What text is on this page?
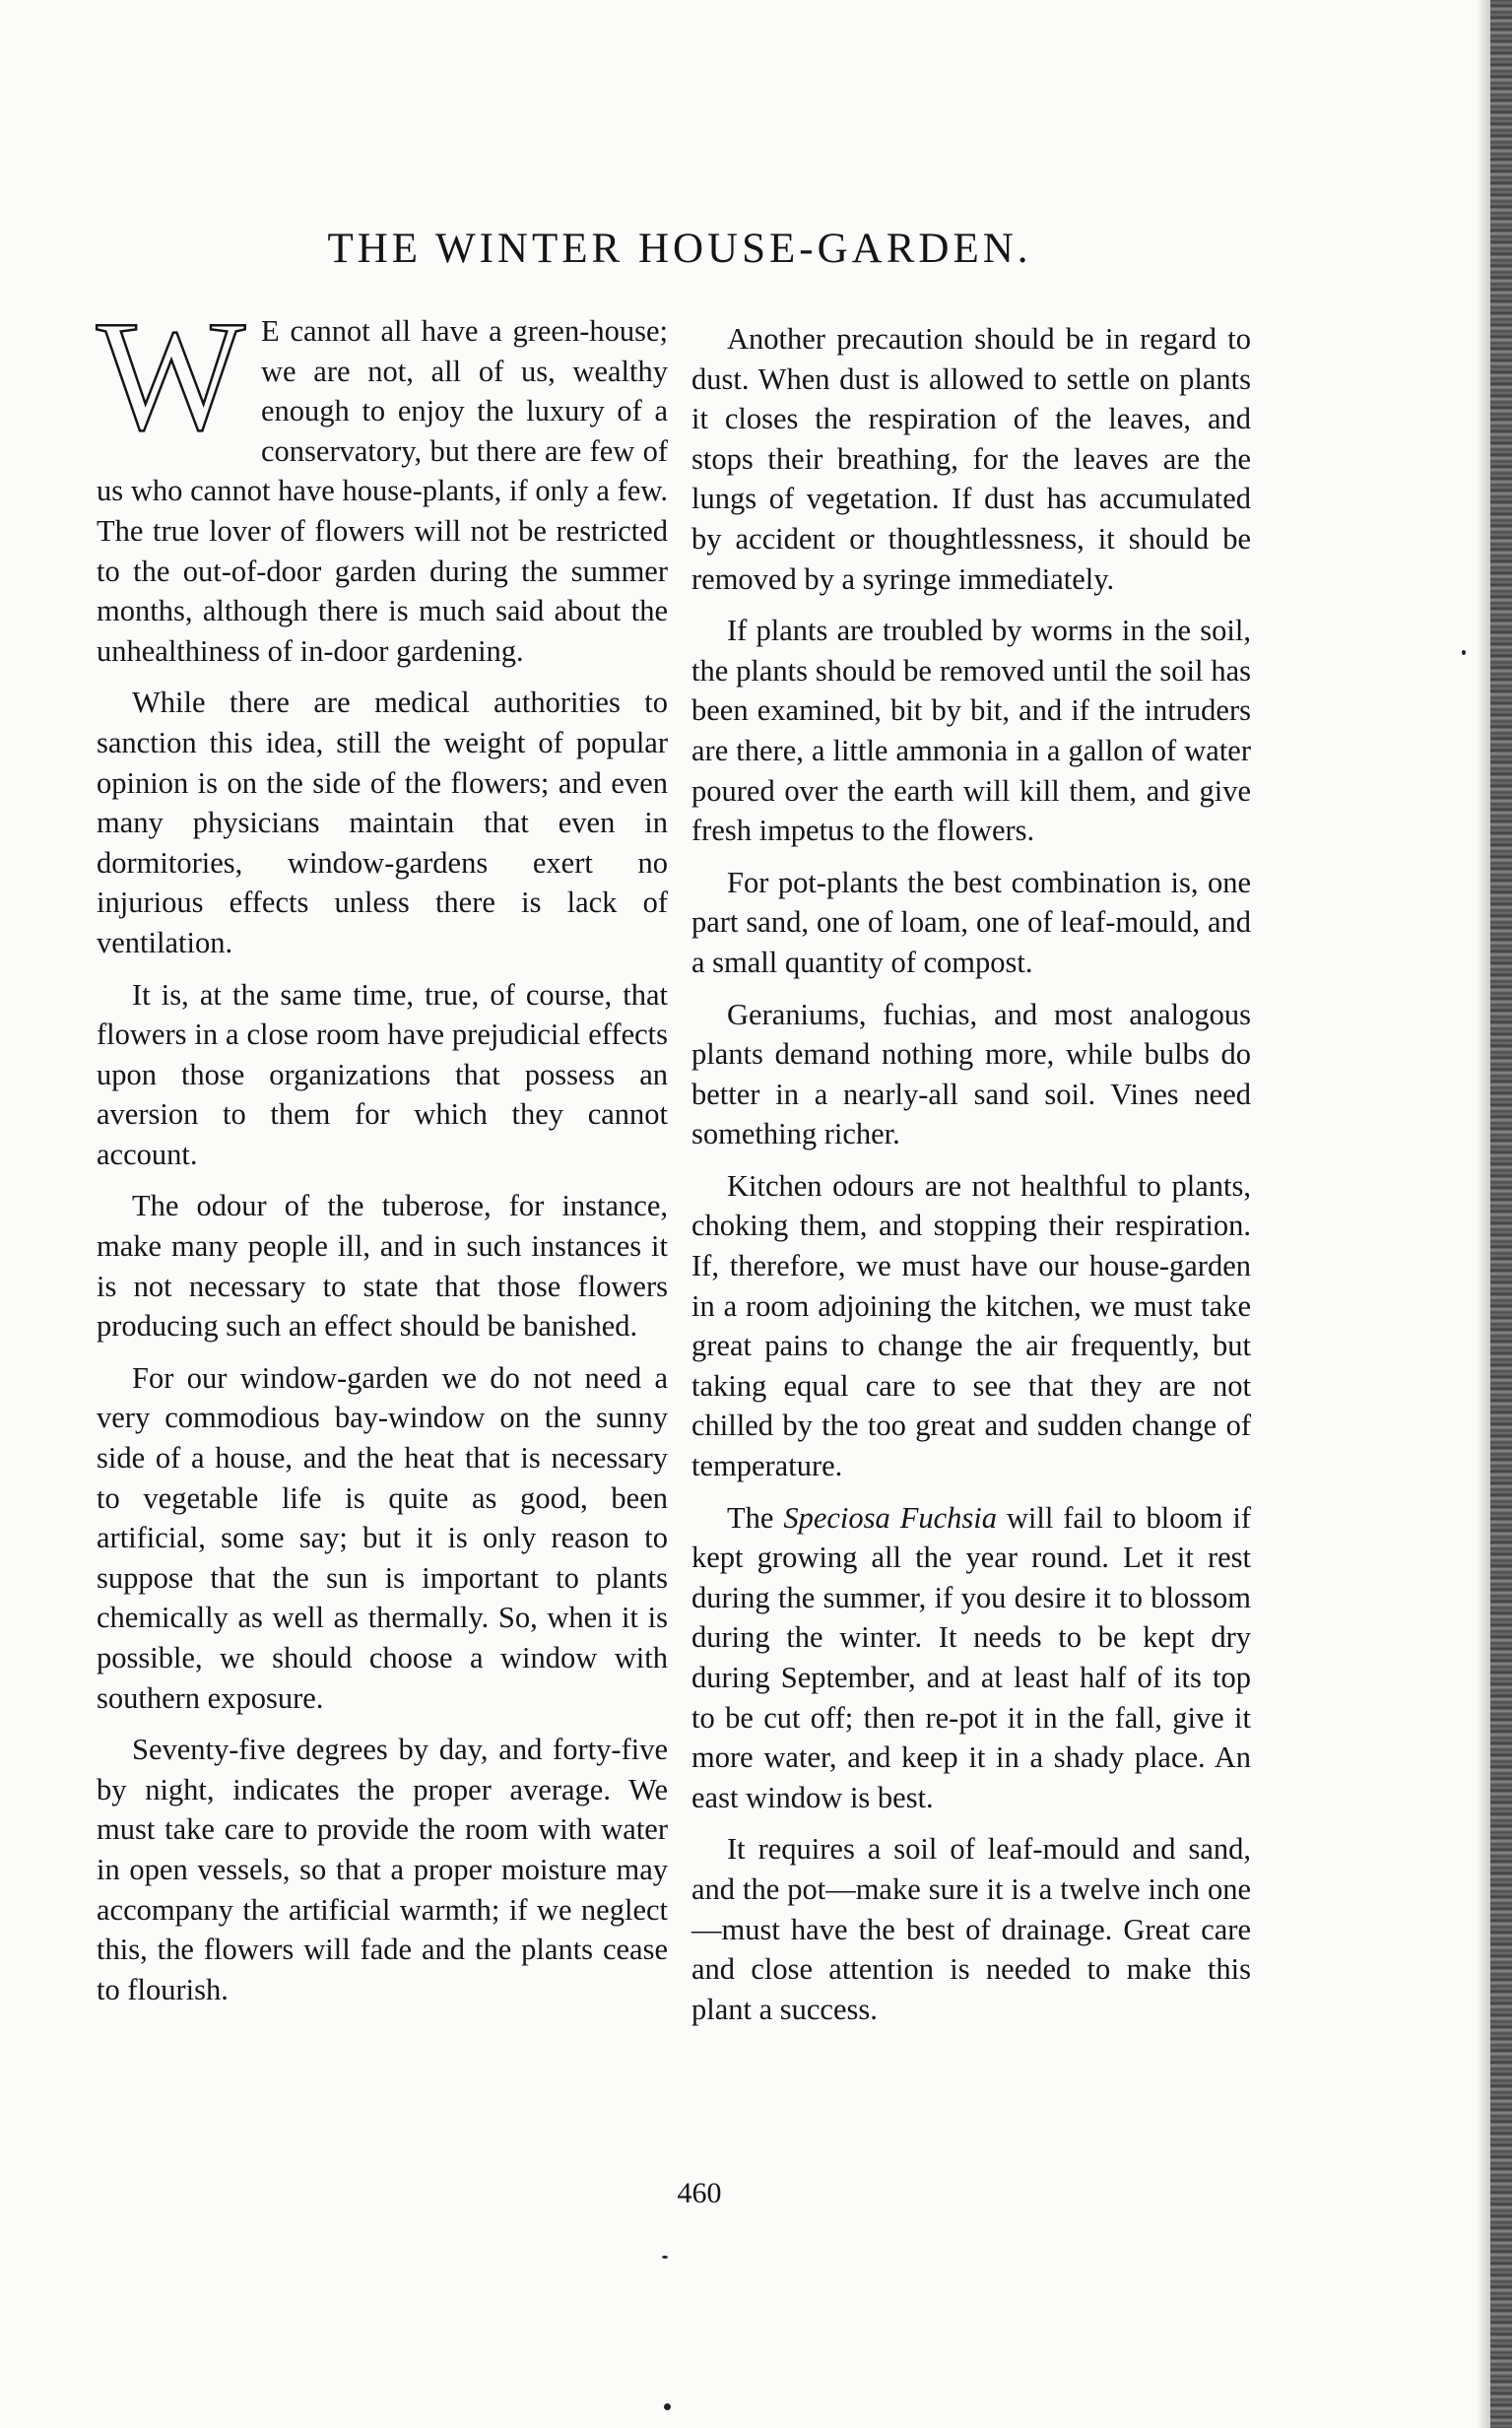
THE WINTER HOUSE-GARDEN.

W E cannot all have a green-house; we are not, all of us, wealthy enough to enjoy the luxury of a conservatory, but there are few of us who cannot have house-plants, if only a few. The true lover of flowers will not be restricted to the out-of-door garden during the summer months, although there is much said about the unhealthiness of in-door gardening.

While there are medical authorities to sanction this idea, still the weight of popular opinion is on the side of the flowers; and even many physicians maintain that even in dormitories, window-gardens exert no injurious effects unless there is lack of ventilation.

It is, at the same time, true, of course, that flowers in a close room have prejudicial effects upon those organizations that possess an aversion to them for which they cannot account.

The odour of the tuberose, for instance, make many people ill, and in such instances it is not necessary to state that those flowers producing such an effect should be banished.

For our window-garden we do not need a very commodious bay-window on the sunny side of a house, and the heat that is necessary to vegetable life is quite as good, been artificial, some say; but it is only reason to suppose that the sun is important to plants chemically as well as thermally. So, when it is possible, we should choose a window with southern exposure.

Seventy-five degrees by day, and forty-five by night, indicates the proper average. We must take care to provide the room with water in open vessels, so that a proper moisture may accompany the artificial warmth; if we neglect this, the flowers will fade and the plants cease to flourish.

Another precaution should be in regard to dust. When dust is allowed to settle on plants it closes the respiration of the leaves, and stops their breathing, for the leaves are the lungs of vegetation. If dust has accumulated by accident or thoughtlessness, it should be removed by a syringe immediately.

If plants are troubled by worms in the soil, the plants should be removed until the soil has been examined, bit by bit, and if the intruders are there, a little ammonia in a gallon of water poured over the earth will kill them, and give fresh impetus to the flowers.

For pot-plants the best combination is, one part sand, one of loam, one of leaf-mould, and a small quantity of compost.

Geraniums, fuchias, and most analogous plants demand nothing more, while bulbs do better in a nearly-all sand soil. Vines need something richer.

Kitchen odours are not healthful to plants, choking them, and stopping their respiration. If, therefore, we must have our house-garden in a room adjoining the kitchen, we must take great pains to change the air frequently, but taking equal care to see that they are not chilled by the too great and sudden change of temperature.

The Speciosa Fuchsia will fail to bloom if kept growing all the year round. Let it rest during the summer, if you desire it to blossom during the winter. It needs to be kept dry during September, and at least half of its top to be cut off; then re-pot it in the fall, give it more water, and keep it in a shady place. An east window is best.

It requires a soil of leaf-mould and sand, and the pot—make sure it is a twelve inch one—must have the best of drainage. Great care and close attention is needed to make this plant a success.

460
